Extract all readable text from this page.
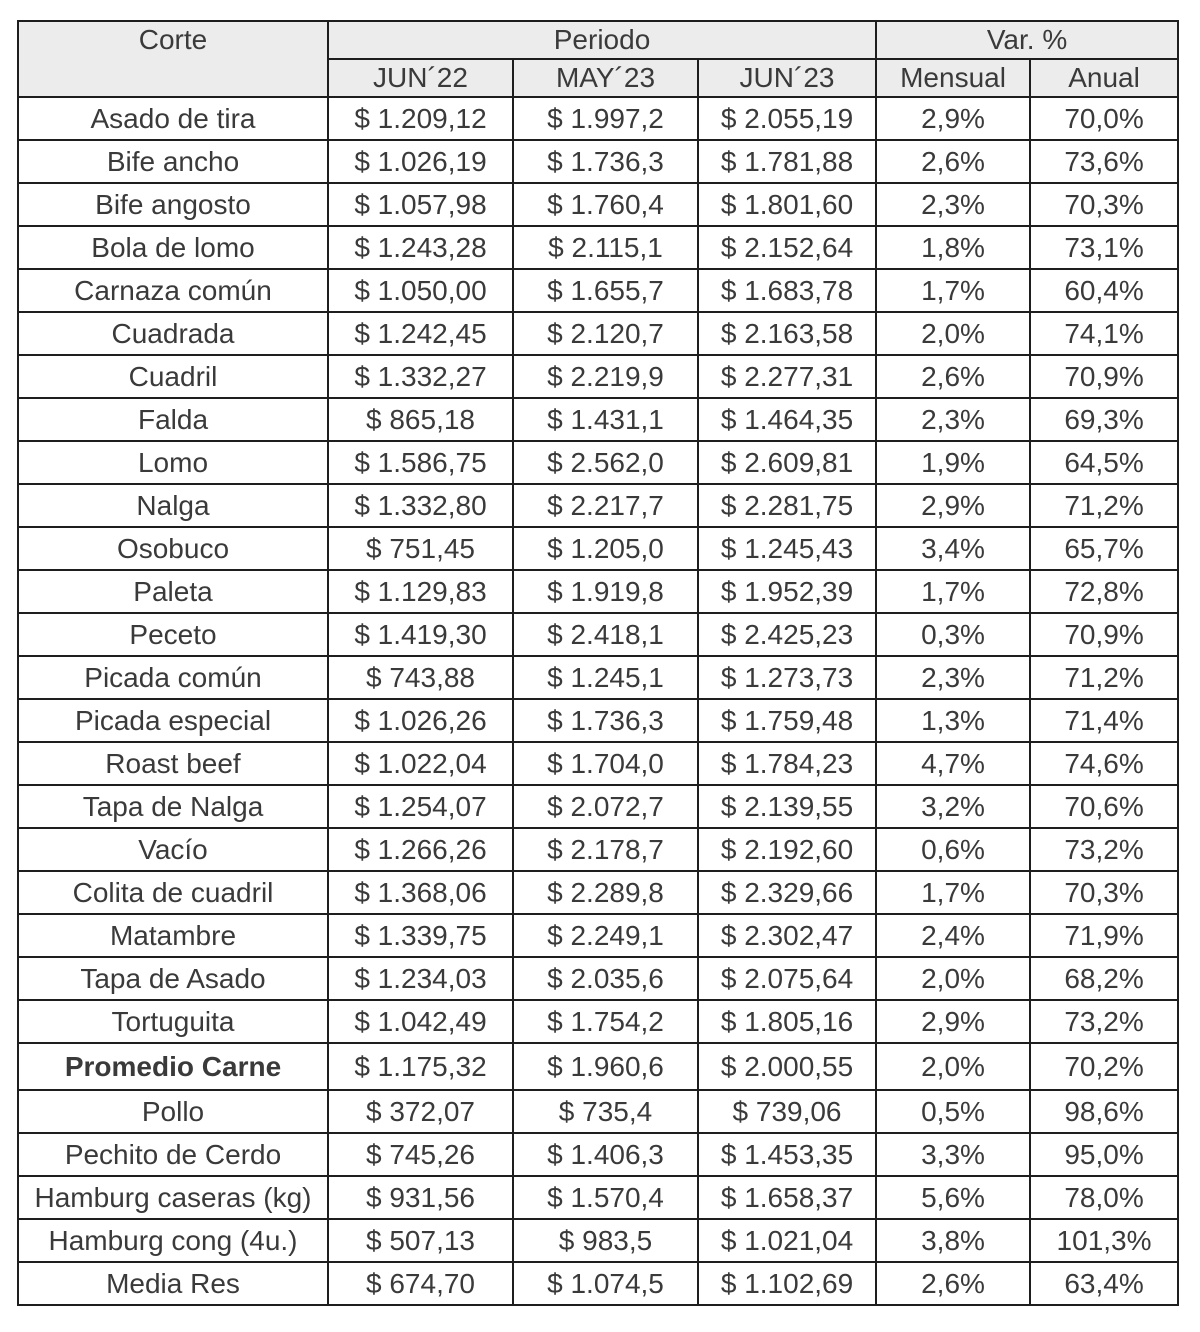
Corte	Periodo			Var. %	
	JUN´22	MAY´23	JUN´23	Mensual	Anual
Asado de tira	$ 1.209,12	$ 1.997,2	$ 2.055,19	2,9%	70,0%
Bife ancho	$ 1.026,19	$ 1.736,3	$ 1.781,88	2,6%	73,6%
Bife angosto	$ 1.057,98	$ 1.760,4	$ 1.801,60	2,3%	70,3%
Bola de lomo	$ 1.243,28	$ 2.115,1	$ 2.152,64	1,8%	73,1%
Carnaza común	$ 1.050,00	$ 1.655,7	$ 1.683,78	1,7%	60,4%
Cuadrada	$ 1.242,45	$ 2.120,7	$ 2.163,58	2,0%	74,1%
Cuadril	$ 1.332,27	$ 2.219,9	$ 2.277,31	2,6%	70,9%
Falda	$ 865,18	$ 1.431,1	$ 1.464,35	2,3%	69,3%
Lomo	$ 1.586,75	$ 2.562,0	$ 2.609,81	1,9%	64,5%
Nalga	$ 1.332,80	$ 2.217,7	$ 2.281,75	2,9%	71,2%
Osobuco	$ 751,45	$ 1.205,0	$ 1.245,43	3,4%	65,7%
Paleta	$ 1.129,83	$ 1.919,8	$ 1.952,39	1,7%	72,8%
Peceto	$ 1.419,30	$ 2.418,1	$ 2.425,23	0,3%	70,9%
Picada común	$ 743,88	$ 1.245,1	$ 1.273,73	2,3%	71,2%
Picada especial	$ 1.026,26	$ 1.736,3	$ 1.759,48	1,3%	71,4%
Roast beef	$ 1.022,04	$ 1.704,0	$ 1.784,23	4,7%	74,6%
Tapa de Nalga	$ 1.254,07	$ 2.072,7	$ 2.139,55	3,2%	70,6%
Vacío	$ 1.266,26	$ 2.178,7	$ 2.192,60	0,6%	73,2%
Colita de cuadril	$ 1.368,06	$ 2.289,8	$ 2.329,66	1,7%	70,3%
Matambre	$ 1.339,75	$ 2.249,1	$ 2.302,47	2,4%	71,9%
Tapa de Asado	$ 1.234,03	$ 2.035,6	$ 2.075,64	2,0%	68,2%
Tortuguita	$ 1.042,49	$ 1.754,2	$ 1.805,16	2,9%	73,2%
Promedio Carne	$ 1.175,32	$ 1.960,6	$ 2.000,55	2,0%	70,2%
Pollo	$ 372,07	$ 735,4	$ 739,06	0,5%	98,6%
Pechito de Cerdo	$ 745,26	$ 1.406,3	$ 1.453,35	3,3%	95,0%
Hamburg caseras (kg)	$ 931,56	$ 1.570,4	$ 1.658,37	5,6%	78,0%
Hamburg cong (4u.)	$ 507,13	$ 983,5	$ 1.021,04	3,8%	101,3%
Media Res	$ 674,70	$ 1.074,5	$ 1.102,69	2,6%	63,4%
